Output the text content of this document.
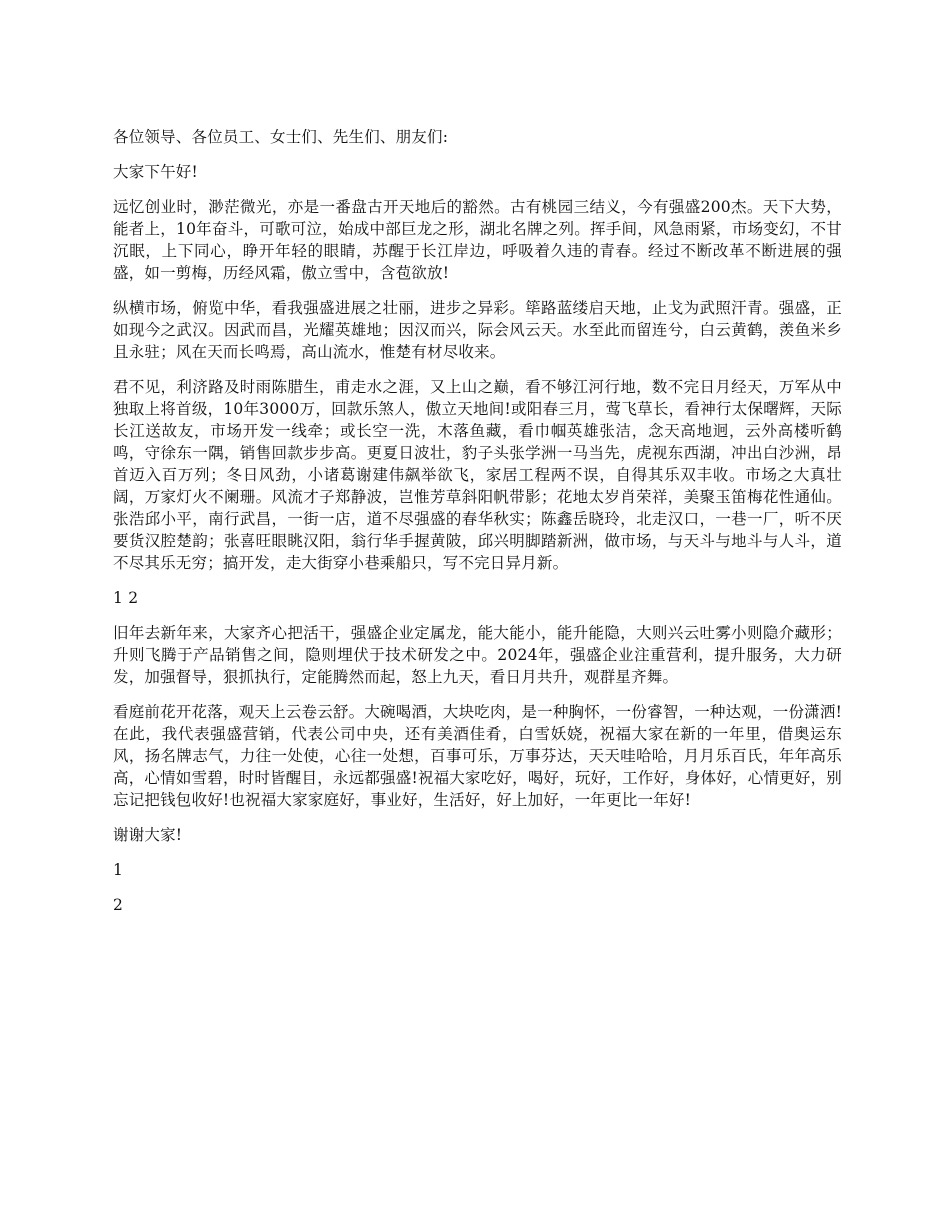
各位领导、各位员工、女士们、先生们、朋友们:

大家下午好!

远忆创业时，渺茫微光，亦是一番盘古开天地后的豁然。古有桃园三结义，今有强盛200杰。天下大势，能者上，10年奋斗，可歌可泣，始成中部巨龙之形，湖北名牌之列。挥手间，风急雨紧，市场变幻，不甘沉眠，上下同心，睁开年轻的眼睛，苏醒于长江岸边，呼吸着久违的青春。经过不断改革不断进展的强盛，如一剪梅，历经风霜，傲立雪中，含苞欲放!

纵横市场，俯览中华，看我强盛进展之壮丽，进步之异彩。筚路蓝缕启天地，止戈为武照汗青。强盛，正如现今之武汉。因武而昌，光耀英雄地；因汉而兴，际会风云天。水至此而留连兮，白云黄鹤，羡鱼米乡且永驻；风在天而长鸣焉，高山流水，惟楚有材尽收来。

君不见，利济路及时雨陈腊生，甫走水之涯，又上山之巅，看不够江河行地，数不完日月经天，万军从中独取上将首级，10年3000万，回款乐煞人，傲立天地间!或阳春三月，莺飞草长，看神行太保曙辉，天际长江送故友，市场开发一线牵；或长空一洗，木落鱼藏，看巾帼英雄张洁，念天高地迥，云外高楼听鹤鸣，守徐东一隅，销售回款步步高。更夏日波壮，豹子头张学洲一马当先，虎视东西湖，冲出白沙洲，昂首迈入百万列；冬日风劲，小诸葛谢建伟飙举欲飞，家居工程两不误，自得其乐双丰收。市场之大真壮阔，万家灯火不阑珊。风流才子郑静波，岂惟芳草斜阳帆带影；花地太岁肖荣祥，美聚玉笛梅花性通仙。张浩邱小平，南行武昌，一街一店，道不尽强盛的春华秋实；陈鑫岳晓玲，北走汉口，一巷一厂，听不厌要货汉腔楚韵；张喜旺眼眺汉阳，翁行华手握黄陂，邱兴明脚踏新洲，做市场，与天斗与地斗与人斗，道不尽其乐无穷；搞开发，走大街穿小巷乘船只，写不完日异月新。

1 2

旧年去新年来，大家齐心把活干，强盛企业定属龙，能大能小，能升能隐，大则兴云吐雾小则隐介藏形；升则飞腾于产品销售之间，隐则埋伏于技术研发之中。2024年，强盛企业注重营利，提升服务，大力研发，加强督导，狠抓执行，定能腾然而起，怒上九天，看日月共升，观群星齐舞。

看庭前花开花落，观天上云卷云舒。大碗喝酒，大块吃肉，是一种胸怀，一份睿智，一种达观，一份潇洒!在此，我代表强盛营销，代表公司中央，还有美酒佳肴，白雪妖娆，祝福大家在新的一年里，借奥运东风，扬名牌志气，力往一处使，心往一处想，百事可乐，万事芬达，天天哇哈哈，月月乐百氏，年年高乐高，心情如雪碧，时时皆醒目，永远都强盛!祝福大家吃好，喝好，玩好，工作好，身体好，心情更好，别忘记把钱包收好!也祝福大家家庭好，事业好，生活好，好上加好，一年更比一年好!

谢谢大家!

1

2
